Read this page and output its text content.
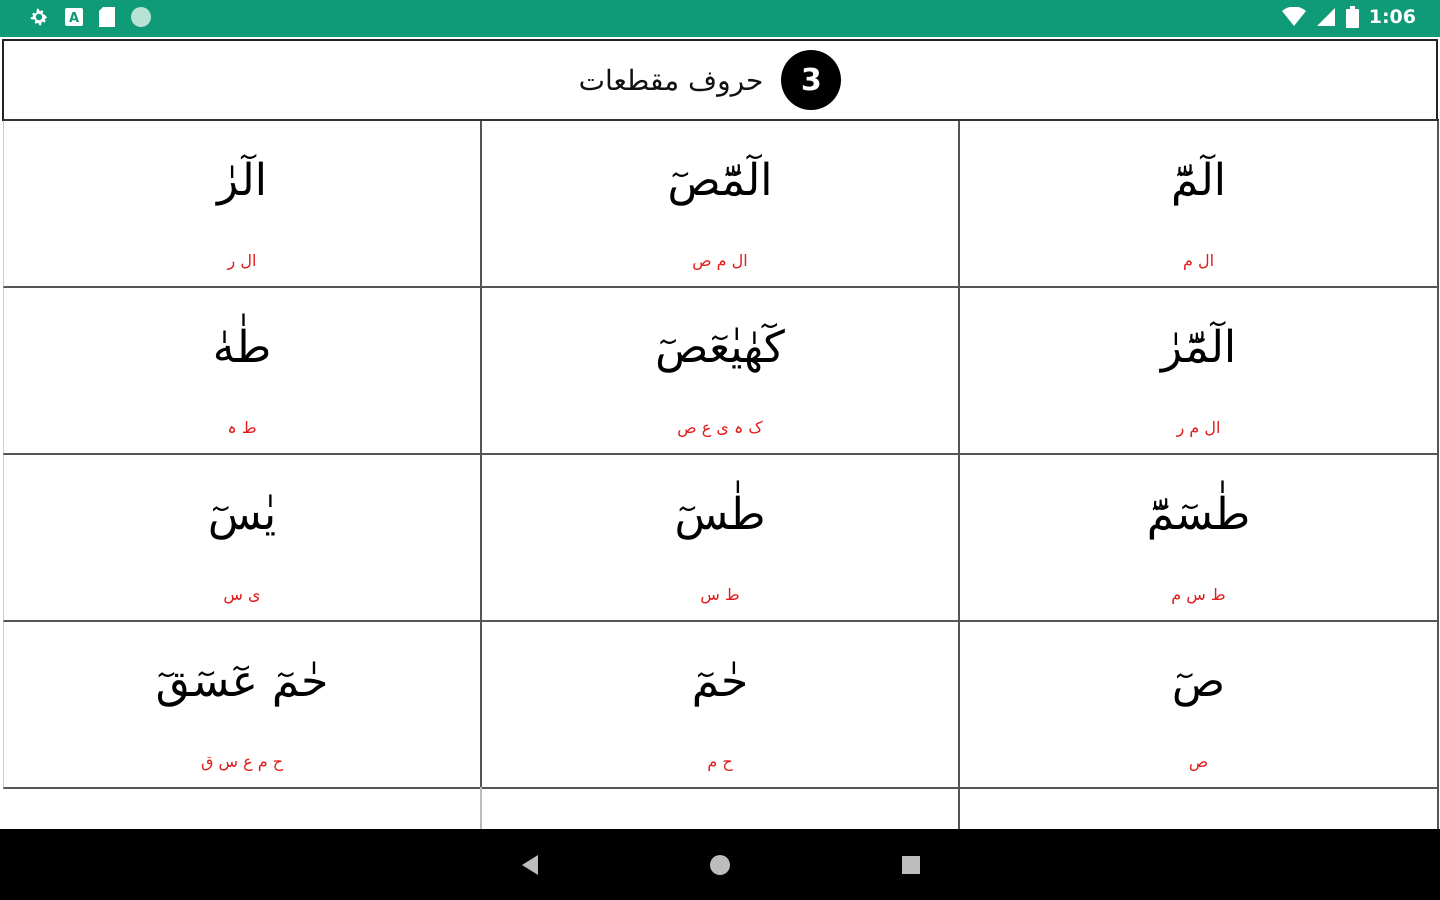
A	1:06
حروف مقطعات	3
الٓرٰ
ال ر
الٓمّٓصٓ
ال م ص
الٓمّٓ
ال م
طٰهٰ
ط ہ
كٓهٰيٰعٓصٓ
ک ہ ی ع ص
الٓمّٓرٰ
ال م ر
يٰسٓ
ی س
طٰسٓ
ط س
طٰسٓمّٓ
ط س م
حٰمٓ عٓسٓقٓ
ح م ع س ق
حٰمٓ
ح م
صٓ
ص
